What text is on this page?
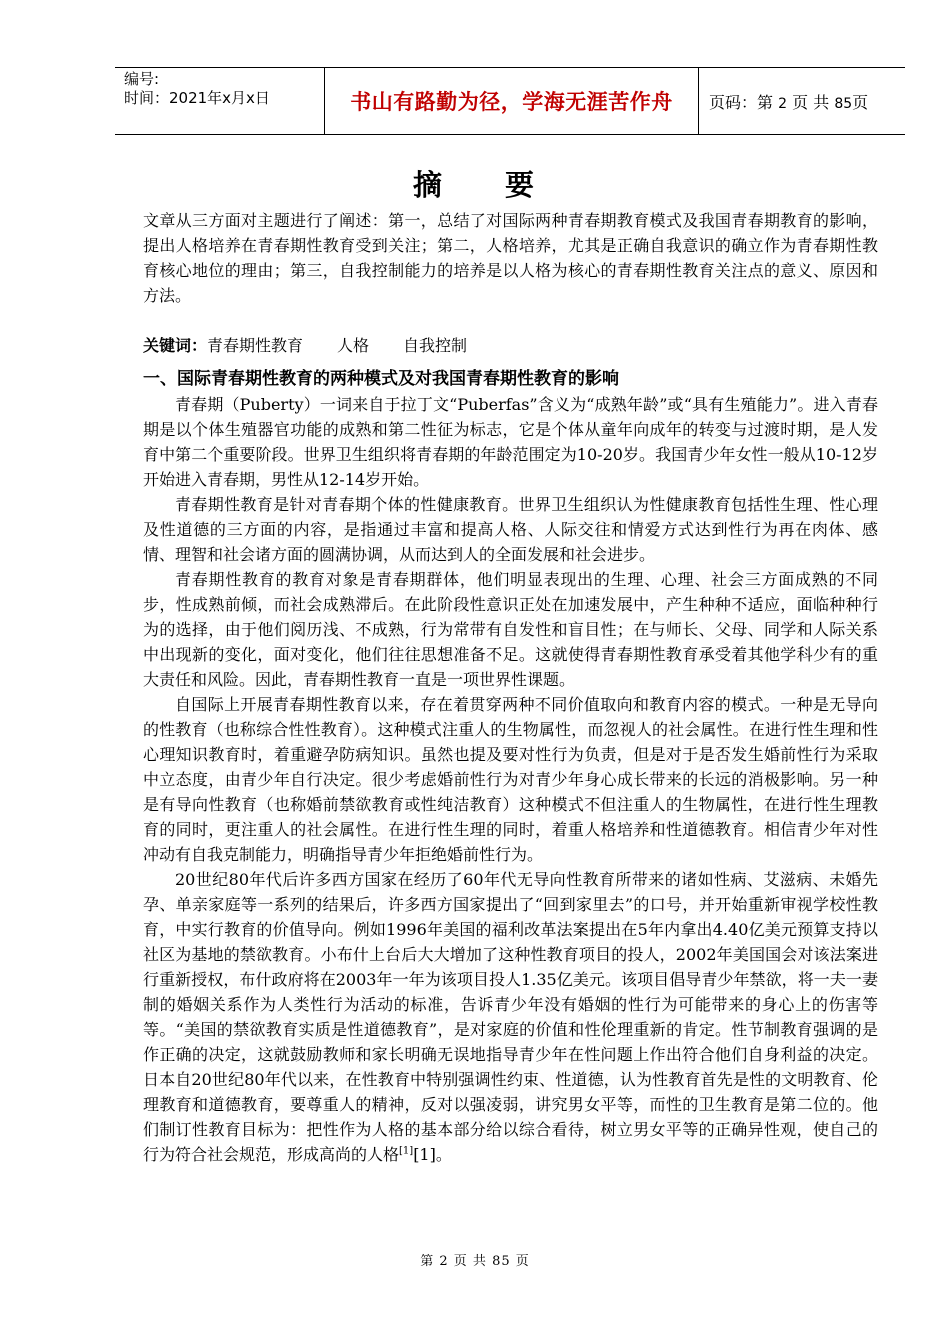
编号:
时间：2021年x月x日	书山有路勤为径，学海无涯苦作舟	页码：第 2 页 共 85页
摘 要

文章从三方面对主题进行了阐述：第一，总结了对国际两种青春期教育模式及我国青春期教育的影响，提出人格培养在青春期性教育受到关注；第二，人格培养，尤其是正确自我意识的确立作为青春期性教育核心地位的理由；第三，自我控制能力的培养是以人格为核心的青春期性教育关注点的意义、原因和方法。

关键词：青春期性教育 人格 自我控制

一、国际青春期性教育的两种模式及对我国青春期性教育的影响

青春期（Puberty）一词来自于拉丁文“Puberfas”含义为“成熟年龄”或“具有生殖能力”。进入青春期是以个体生殖器官功能的成熟和第二性征为标志，它是个体从童年向成年的转变与过渡时期，是人发育中第二个重要阶段。世界卫生组织将青春期的年龄范围定为10-20岁。我国青少年女性一般从10-12岁开始进入青春期，男性从12-14岁开始。

青春期性教育是针对青春期个体的性健康教育。世界卫生组织认为性健康教育包括性生理、性心理及性道德的三方面的内容，是指通过丰富和提高人格、人际交往和情爱方式达到性行为再在肉体、感情、理智和社会诸方面的圆满协调，从而达到人的全面发展和社会进步。

青春期性教育的教育对象是青春期群体，他们明显表现出的生理、心理、社会三方面成熟的不同步，性成熟前倾，而社会成熟滞后。在此阶段性意识正处在加速发展中，产生种种不适应，面临种种行为的选择，由于他们阅历浅、不成熟，行为常带有自发性和盲目性；在与师长、父母、同学和人际关系中出现新的变化，面对变化，他们往往思想准备不足。这就使得青春期性教育承受着其他学科少有的重大责任和风险。因此，青春期性教育一直是一项世界性课题。

自国际上开展青春期性教育以来，存在着贯穿两种不同价值取向和教育内容的模式。一种是无导向的性教育（也称综合性性教育）。这种模式注重人的生物属性，而忽视人的社会属性。在进行性生理和性心理知识教育时，着重避孕防病知识。虽然也提及要对性行为负责，但是对于是否发生婚前性行为采取中立态度，由青少年自行决定。很少考虑婚前性行为对青少年身心成长带来的长远的消极影响。另一种是有导向性教育（也称婚前禁欲教育或性纯洁教育）这种模式不但注重人的生物属性，在进行性生理教育的同时，更注重人的社会属性。在进行性生理的同时，着重人格培养和性道德教育。相信青少年对性冲动有自我克制能力，明确指导青少年拒绝婚前性行为。

20世纪80年代后许多西方国家在经历了60年代无导向性教育所带来的诸如性病、艾滋病、未婚先孕、单亲家庭等一系列的结果后，许多西方国家提出了“回到家里去”的口号，并开始重新审视学校性教育，中实行教育的价值导向。例如1996年美国的福利改革法案提出在5年内拿出4.40亿美元预算支持以社区为基地的禁欲教育。小布什上台后大大增加了这种性教育项目的投人，2002年美国国会对该法案进行重新授权，布什政府将在2003年一年为该项目投人1.35亿美元。该项目倡导青少年禁欲，将一夫一妻制的婚姻关系作为人类性行为活动的标准，告诉青少年没有婚姻的性行为可能带来的身心上的伤害等等。“美国的禁欲教育实质是性道德教育”，是对家庭的价值和性伦理重新的肯定。性节制教育强调的是作正确的决定，这就鼓励教师和家长明确无误地指导青少年在性问题上作出符合他们自身利益的决定。日本自20世纪80年代以来，在性教育中特别强调性约束、性道德，认为性教育首先是性的文明教育、伦理教育和道德教育，要尊重人的精神，反对以强凌弱，讲究男女平等，而性的卫生教育是第二位的。他们制订性教育目标为：把性作为人格的基本部分给以综合看待，树立男女平等的正确异性观，使自己的行为符合社会规范，形成高尚的人格[1][1]。

第 2 页 共 85 页
